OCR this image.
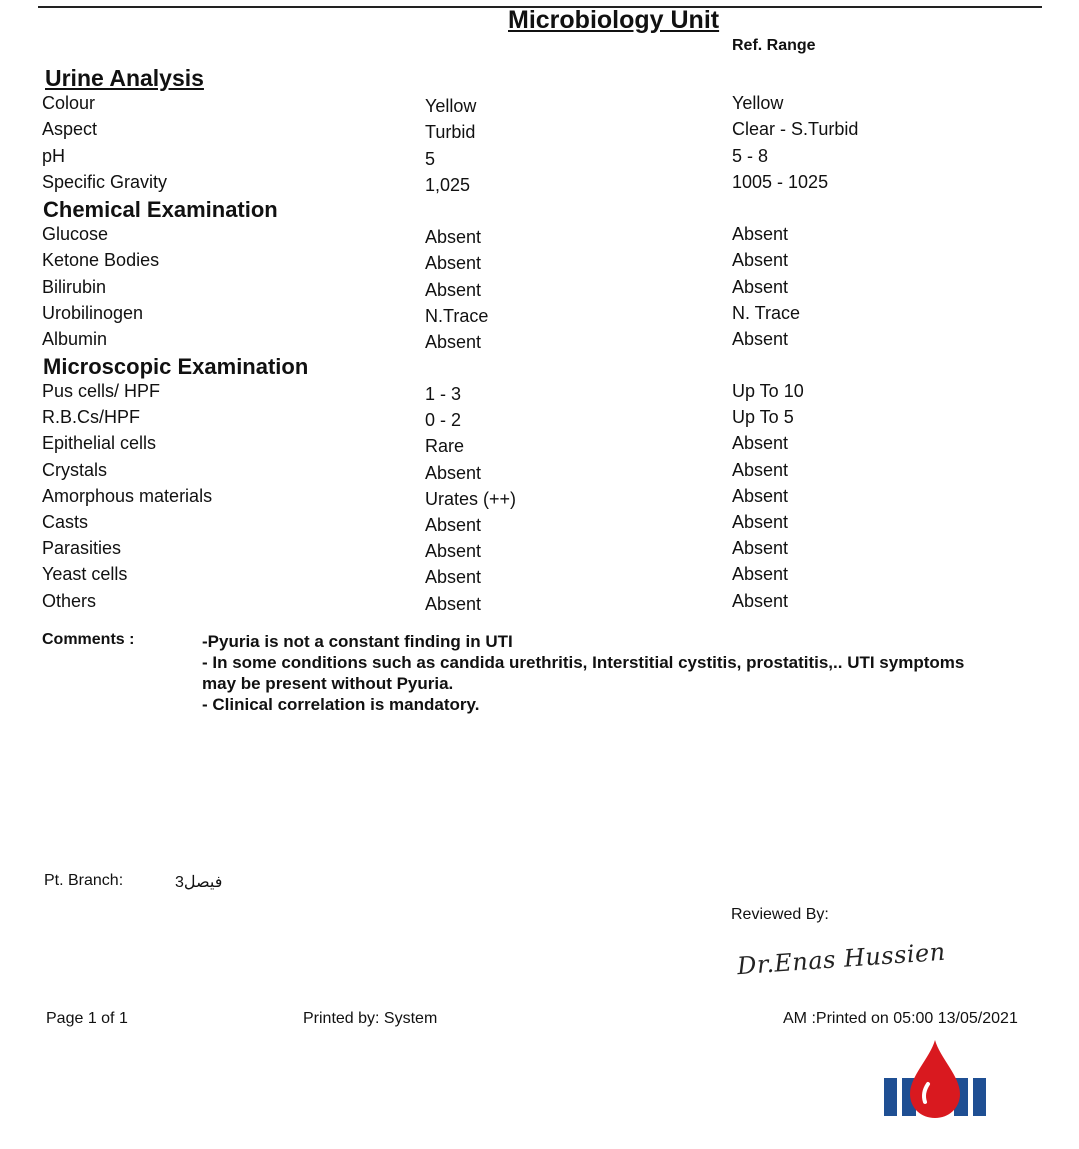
Microbiology Unit
Ref. Range
Urine Analysis
Colour	Yellow	Yellow
Aspect	Turbid	Clear - S.Turbid
pH	5	5 - 8
Specific Gravity	1,025	1005 - 1025
Chemical Examination
Glucose	Absent	Absent
Ketone Bodies	Absent	Absent
Bilirubin	Absent	Absent
Urobilinogen	N.Trace	N. Trace
Albumin	Absent	Absent
Microscopic Examination
Pus cells/ HPF	1 - 3	Up To 10
R.B.Cs/HPF	0 - 2	Up To 5
Epithelial cells	Rare	Absent
Crystals	Absent	Absent
Amorphous materials	Urates (++)	Absent
Casts	Absent	Absent
Parasities	Absent	Absent
Yeast cells	Absent	Absent
Others	Absent	Absent
Comments :	-Pyuria is not a constant finding in UTI
- In some conditions such as candida urethritis, Interstitial cystitis, prostatitis,.. UTI symptoms
may be present without Pyuria.
- Clinical correlation is mandatory.
Pt. Branch:	فيصل3
Reviewed By:
Dr.Enas Hussien
Page 1 of 1	Printed by: System	AM :Printed on 05:00 13/05/2021
